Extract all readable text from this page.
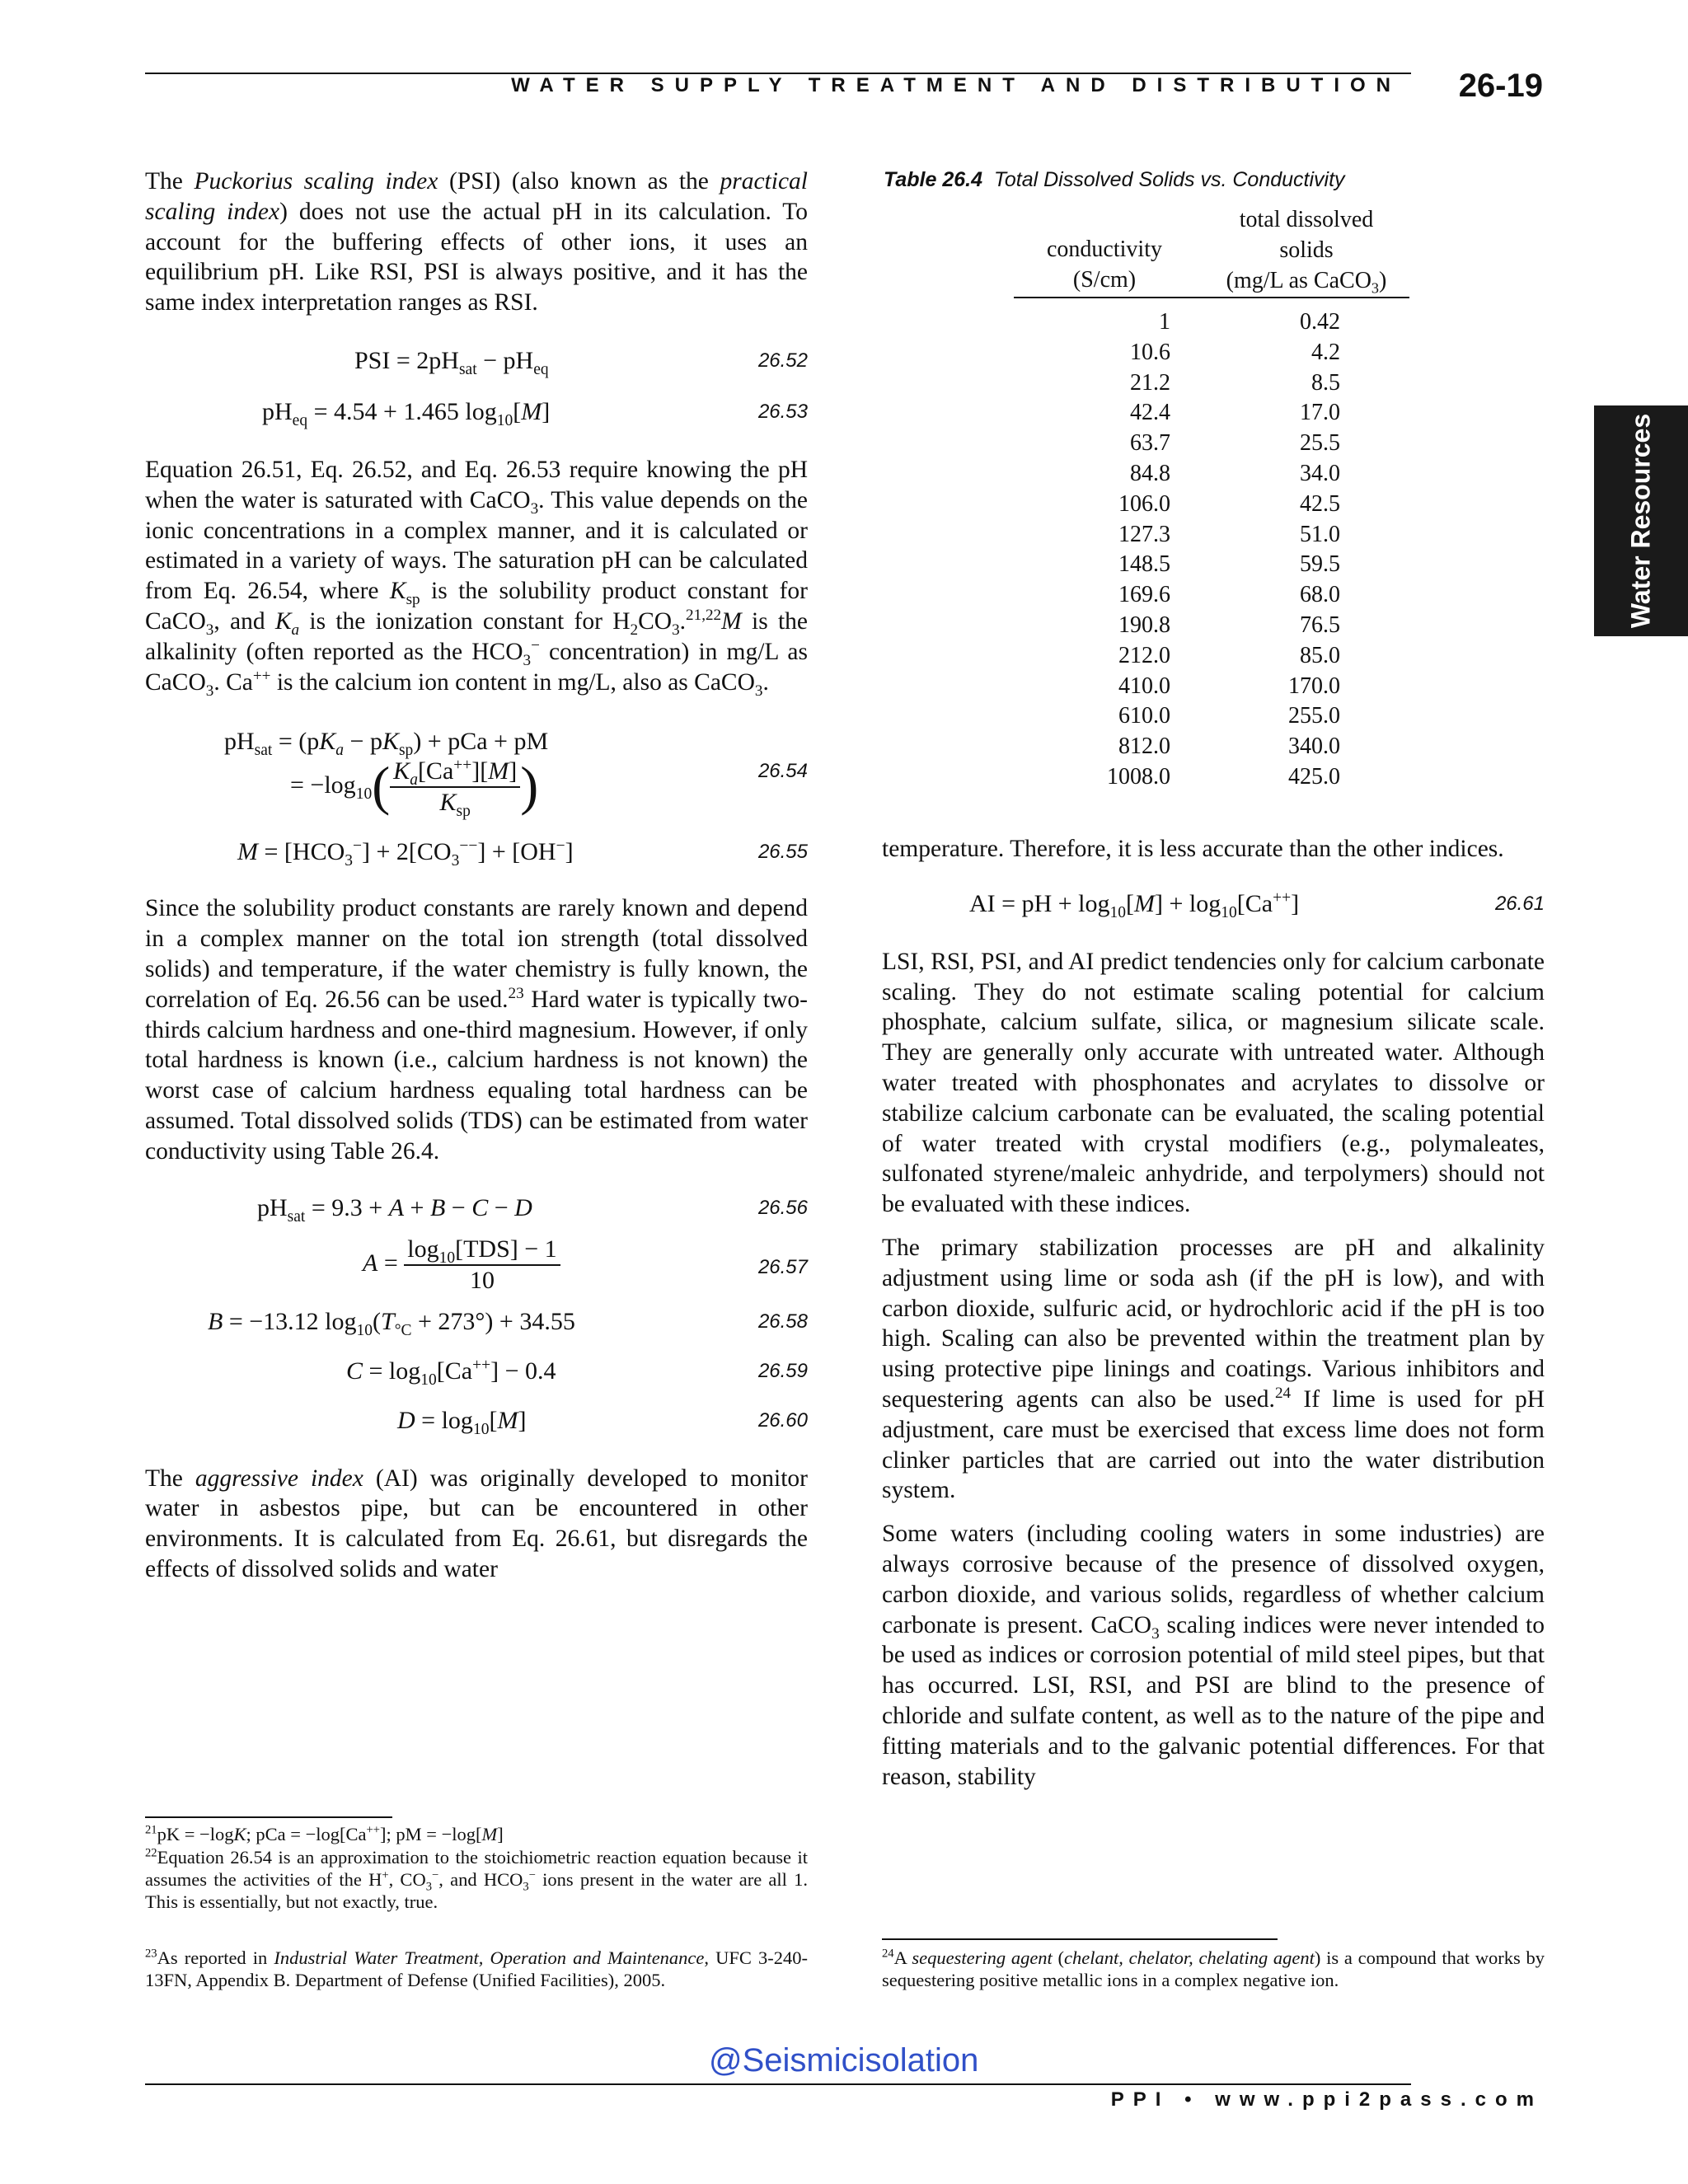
WATER SUPPLY TREATMENT AND DISTRIBUTION 26-19
Water Resources

The Puckorius scaling index (PSI) (also known as the practical scaling index) does not use the actual pH in its calculation. To account for the buffering effects of other ions, it uses an equilibrium pH. Like RSI, PSI is always positive, and it has the same index interpretation ranges as RSI.

PSI = $2pH_{sat} - pH_{eq}$	26.52
$pH_{eq} = 4.54 + 1.465$ $\log_{10}[M]$	26.53

Equation 26.51, Eq. 26.52, and Eq. 26.53 require knowing the pH when the water is saturated with CaCO$_3$. This value depends on the ionic concentrations in a complex manner, and it is calculated or estimated in a variety of ways. The saturation pH can be calculated from Eq. 26.54, where $K_{sp}$ is the solubility product constant for CaCO$_3$, and $K_a$ is the ionization constant for $H_2CO_3.^{21,22}M$ is the alkalinity (often reported as the $HCO_3^-$ concentration) in mg/L as CaCO$_3$. Ca++ is the calcium ion content in mg/L, also as CaCO$_3$.

$pH_{sat} = (pK_a - pK_{sp})$ + pCa + pM
= $-\log_{10}( \frac{K_a[Ca^{++}][M]}{K_{sp}}$ )	26.54
$M = [HCO_3^-] + 2[CO_3^{--}] + [OH^-]$	26.55

Since the solubility product constants are rarely known and depend in a complex manner on the total ion strength (total dissolved solids) and temperature, if the water chemistry is fully known, the correlation of Eq. 26.56 can be used.$^{23}$ Hard water is typically two-thirds calcium hardness and one-third magnesium. However, if only total hardness is known (i.e., calcium hardness is not known) the worst case of calcium hardness equaling total hardness can be assumed. Total dissolved solids (TDS) can be estimated from water conductivity using Table 26.4.

$pH_{sat} = 9.3 + A + B - C - D$	26.56
$A = \frac{\log_{10}[TDS] - 1}{10}$	26.57
B = −13.12 $\log_{10}(T_{^\circ C} + 273^\circ) + 34.55$	26.58
$C = \log_{10}[Ca^{++}] - 0.4$	26.59
$D = \log_{10}[M]$	26.60

The aggressive index (AI) was originally developed to monitor water in asbestos pipe, but can be encountered in other environments. It is calculated from Eq. 26.61, but disregards the effects of dissolved solids and water

$^{21}$pK = −logK; pCa = −log[Ca++]; pM = −log[M]
$^{22}$Equation 26.54 is an approximation to the stoichiometric reaction equation because it assumes the activities of the H+, $CO_3^-$, and $HCO_3^-$ ions present in the water are all 1. This is essentially, but not exactly, true.
$^{23}$As reported in Industrial Water Treatment, Operation and Maintenance, UFC 3-240-13FN, Appendix B. Department of Defense (Unified Facilities), 2005.
Table 26.4 Total Dissolved Solids vs. Conductivity
conductivity
(S/cm)
total dissolved
solids
(mg/L as CaCO$_3$)
1	0.42
10.6	4.2
21.2	8.5
42.4	17.0
63.7	25.5
84.8	34.0
106.0	42.5
127.3	51.0
148.5	59.5
169.6	68.0
190.8	76.5
212.0	85.0
410.0	170.0
610.0	255.0
812.0	340.0
1008.0	425.0

temperature. Therefore, it is less accurate than the other indices.

AI = pH + $\log_{10}[M] + \log_{10}[Ca^{++}]$	26.61

LSI, RSI, PSI, and AI predict tendencies only for calcium carbonate scaling. They do not estimate scaling potential for calcium phosphate, calcium sulfate, silica, or magnesium silicate scale. They are generally only accurate with untreated water. Although water treated with phosphonates and acrylates to dissolve or stabilize calcium carbonate can be evaluated, the scaling potential of water treated with crystal modifiers (e.g., polymaleates, sulfonated styrene/maleic anhydride, and terpolymers) should not be evaluated with these indices.

The primary stabilization processes are pH and alkalinity adjustment using lime or soda ash (if the pH is low), and with carbon dioxide, sulfuric acid, or hydrochloric acid if the pH is too high. Scaling can also be prevented within the treatment plan by using protective pipe linings and coatings. Various inhibitors and sequestering agents can also be used.$^{24}$ If lime is used for pH adjustment, care must be exercised that excess lime does not form clinker particles that are carried out into the water distribution system.

Some waters (including cooling waters in some industries) are always corrosive because of the presence of dissolved oxygen, carbon dioxide, and various solids, regardless of whether calcium carbonate is present. CaCO$_3$ scaling indices were never intended to be used as indices or corrosion potential of mild steel pipes, but that has occurred. LSI, RSI, and PSI are blind to the presence of chloride and sulfate content, as well as to the nature of the pipe and fitting materials and to the galvanic potential differences. For that reason, stability

$^{24}$A sequestering agent (chelant, chelator, chelating agent) is a compound that works by sequestering positive metallic ions in a complex negative ion.
@Seismicisolation
PPI • www.ppi2pass.com
